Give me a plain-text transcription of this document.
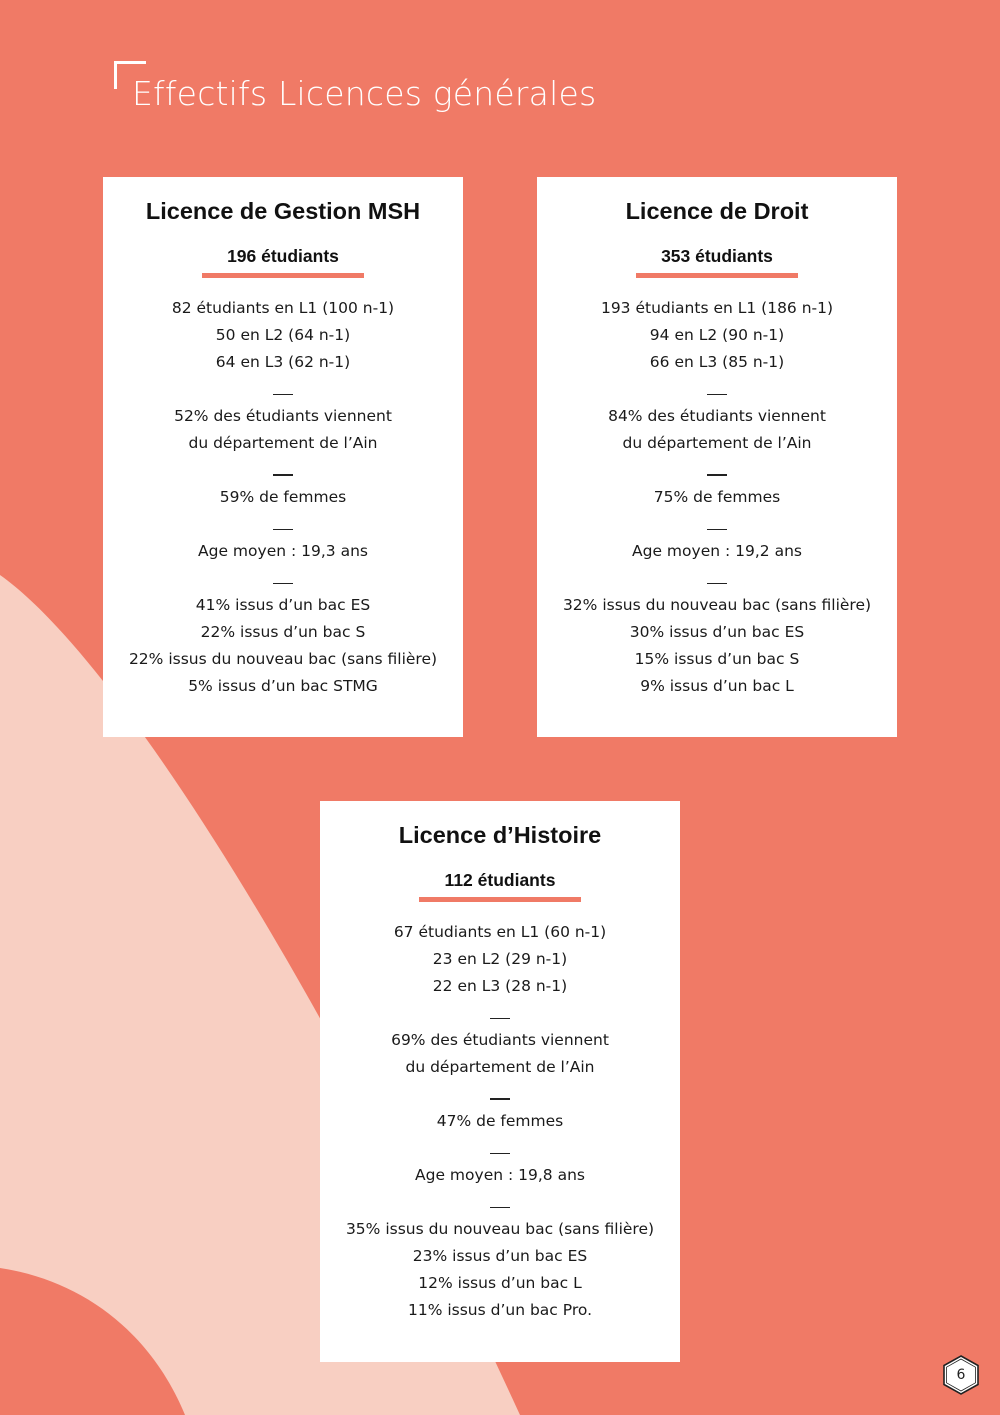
Effectifs Licences générales
Licence de Gestion MSH
196 étudiants
82 étudiants en L1 (100 n-1)
50 en L2 (64 n-1)
64 en L3 (62 n-1)
52% des étudiants viennent
du département de l’Ain
59% de femmes
Age moyen : 19,3 ans
41% issus d’un bac ES
22% issus d’un bac S
22% issus du nouveau bac (sans filière)
5% issus d’un bac STMG
Licence de Droit
353 étudiants
193 étudiants en L1 (186 n-1)
94 en L2 (90 n-1)
66 en L3 (85 n-1)
84% des étudiants viennent
du département de l’Ain
75% de femmes
Age moyen : 19,2 ans
32% issus du nouveau bac (sans filière)
30% issus d’un bac ES
15% issus d’un bac S
9% issus d’un bac L
Licence d’Histoire
112 étudiants
67 étudiants en L1 (60 n-1)
23 en L2 (29 n-1)
22 en L3 (28 n-1)
69% des étudiants viennent
du département de l’Ain
47% de femmes
Age moyen : 19,8 ans
35% issus du nouveau bac (sans filière)
23% issus d’un bac ES
12% issus d’un bac L
11% issus d’un bac Pro.
6
